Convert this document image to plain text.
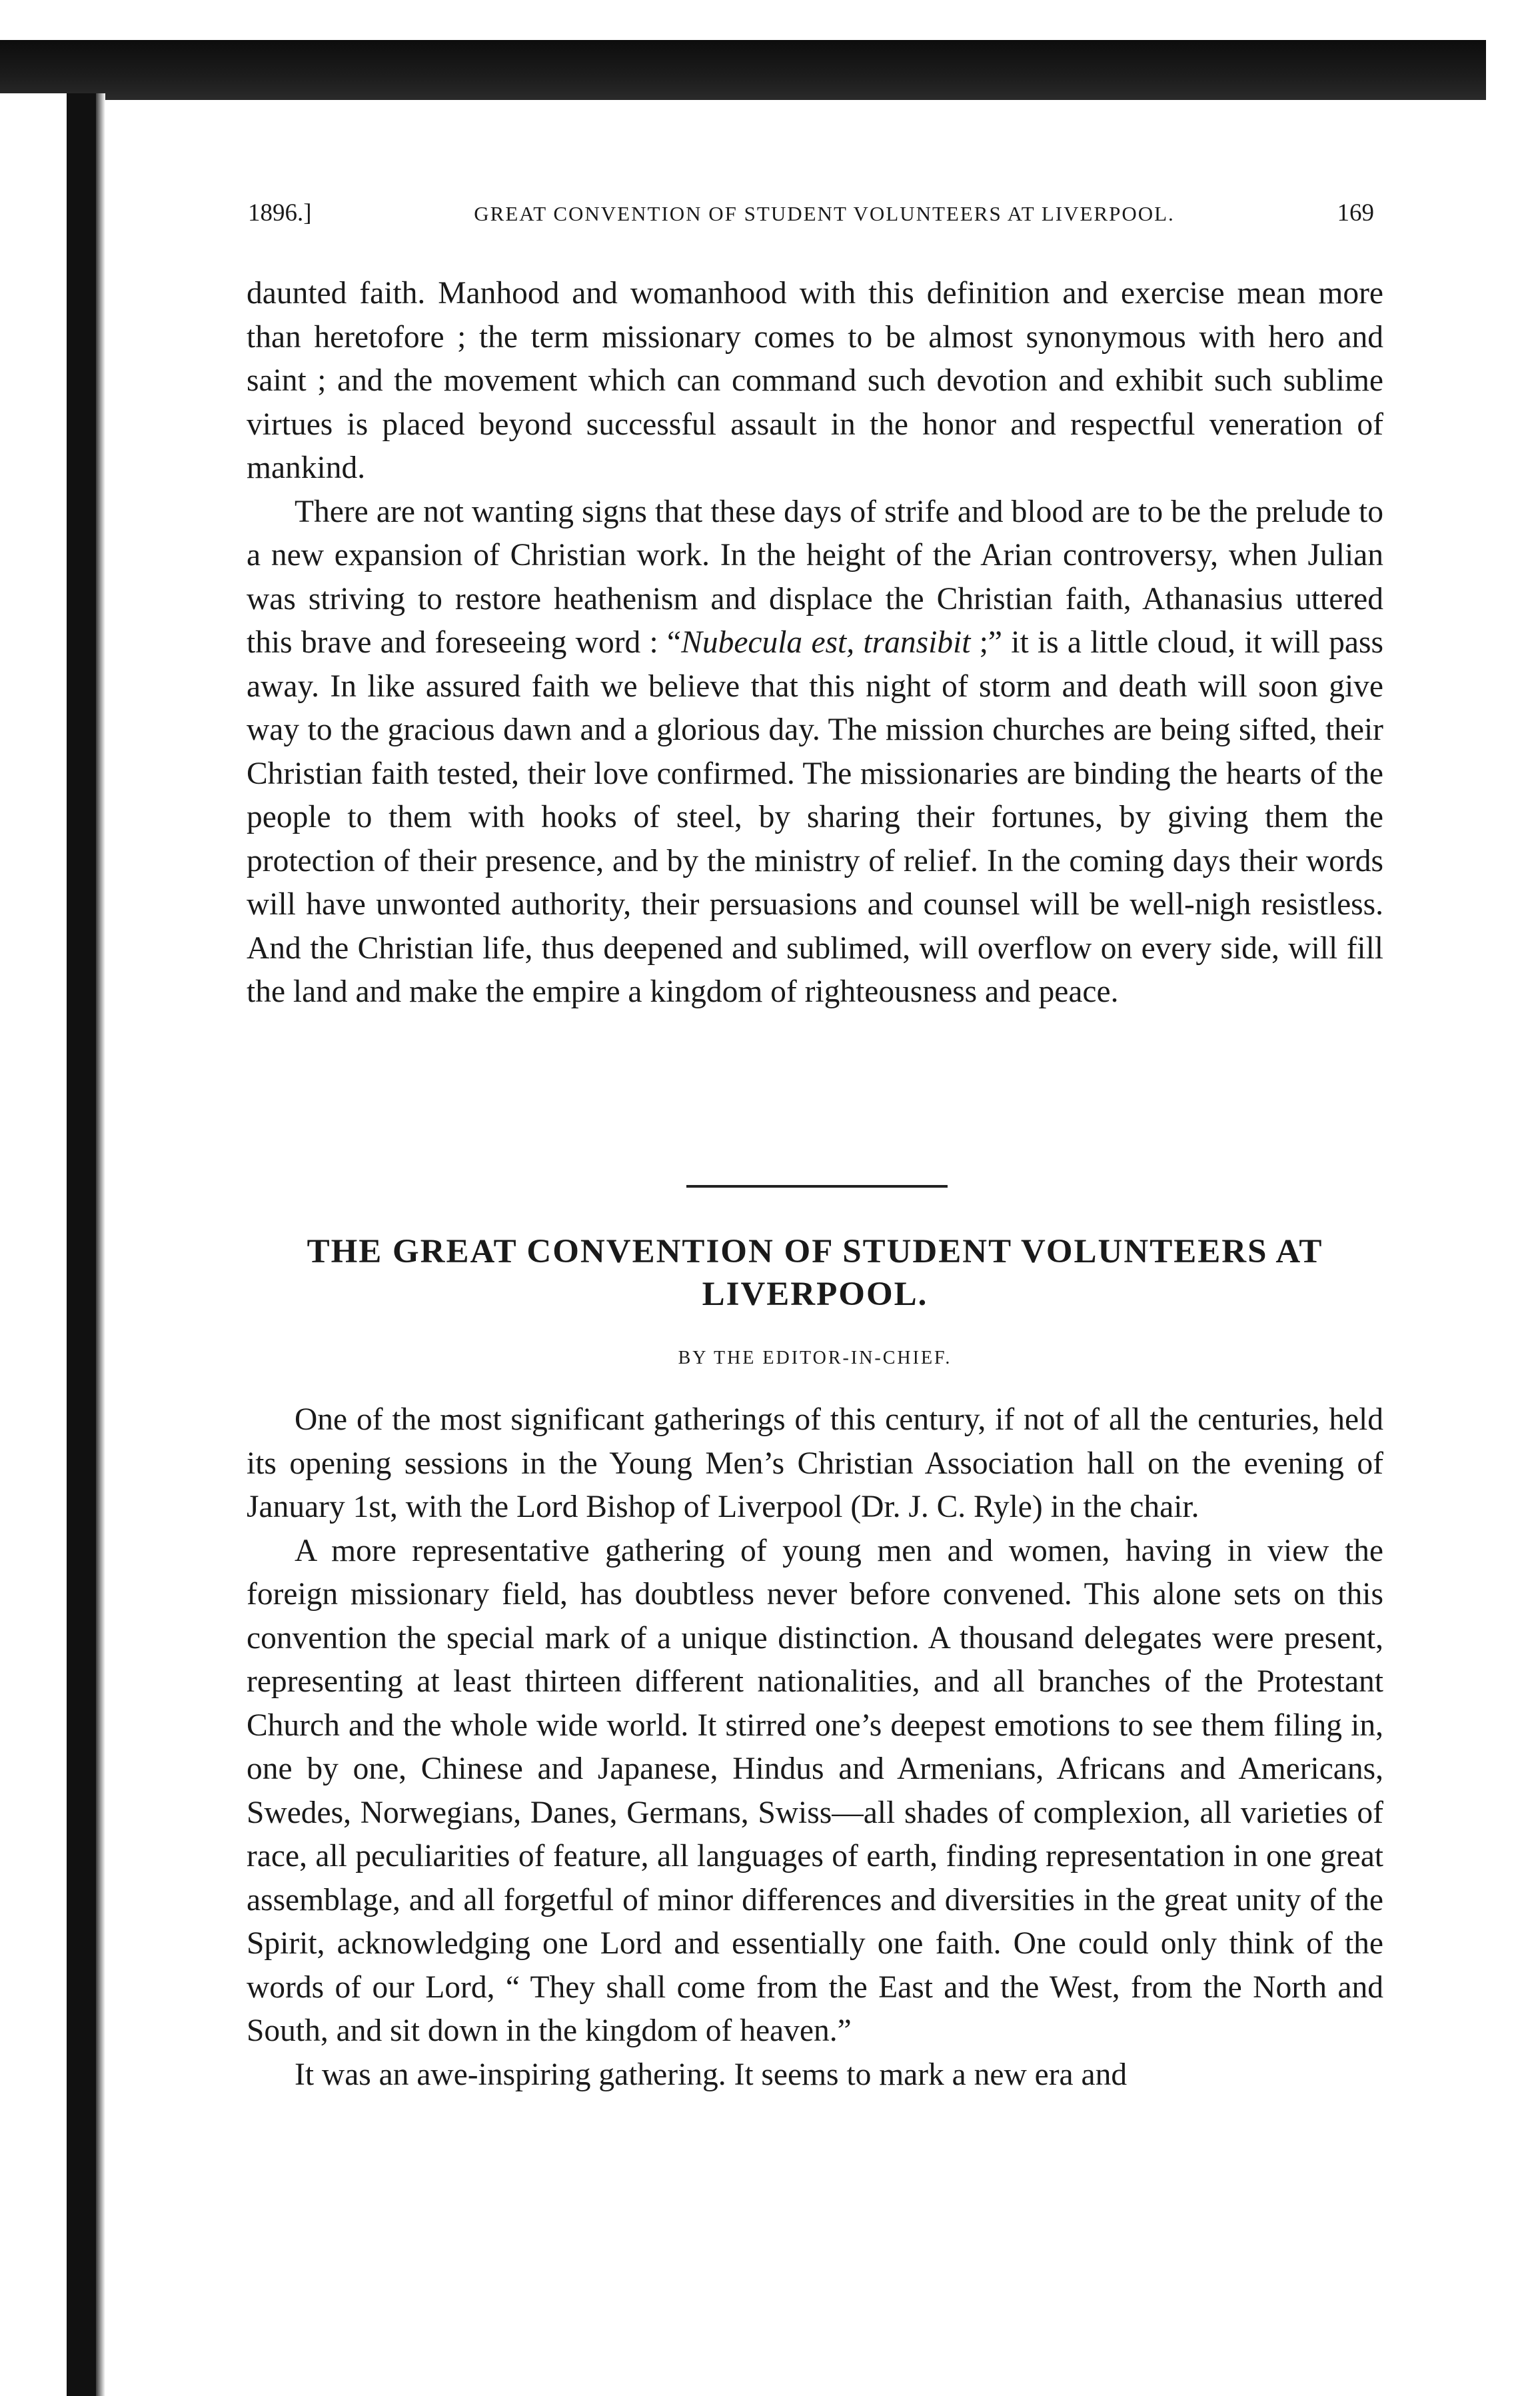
1896.]	GREAT CONVENTION OF STUDENT VOLUNTEERS AT LIVERPOOL.	169

daunted faith. Manhood and womanhood with this definition and exercise mean more than heretofore ; the term missionary comes to be almost synonymous with hero and saint ; and the movement which can command such devotion and exhibit such sublime virtues is placed beyond successful assault in the honor and respectful veneration of mankind.

There are not wanting signs that these days of strife and blood are to be the prelude to a new expansion of Christian work. In the height of the Arian controversy, when Julian was striving to restore heathenism and displace the Christian faith, Athanasius uttered this brave and foreseeing word : “Nubecula est, transibit ;” it is a little cloud, it will pass away. In like assured faith we believe that this night of storm and death will soon give way to the gracious dawn and a glorious day. The mission churches are being sifted, their Christian faith tested, their love confirmed. The missionaries are binding the hearts of the people to them with hooks of steel, by sharing their fortunes, by giving them the protection of their presence, and by the ministry of relief. In the coming days their words will have unwonted authority, their persuasions and counsel will be well-nigh resistless. And the Christian life, thus deepened and sublimed, will overflow on every side, will fill the land and make the empire a kingdom of righteousness and peace.

THE GREAT CONVENTION OF STUDENT VOLUNTEERS AT
LIVERPOOL.
BY THE EDITOR-IN-CHIEF.

One of the most significant gatherings of this century, if not of all the centuries, held its opening sessions in the Young Men’s Christian Association hall on the evening of January 1st, with the Lord Bishop of Liverpool (Dr. J. C. Ryle) in the chair.

A more representative gathering of young men and women, having in view the foreign missionary field, has doubtless never before convened. This alone sets on this convention the special mark of a unique distinction. A thousand delegates were present, representing at least thirteen different nationalities, and all branches of the Protestant Church and the whole wide world. It stirred one’s deepest emotions to see them filing in, one by one, Chinese and Japanese, Hindus and Armenians, Africans and Americans, Swedes, Norwegians, Danes, Germans, Swiss—all shades of complexion, all varieties of race, all peculiarities of feature, all languages of earth, finding representation in one great assemblage, and all forgetful of minor differences and diversities in the great unity of the Spirit, acknowledging one Lord and essentially one faith. One could only think of the words of our Lord, “ They shall come from the East and the West, from the North and South, and sit down in the kingdom of heaven.”

It was an awe-inspiring gathering. It seems to mark a new era and
